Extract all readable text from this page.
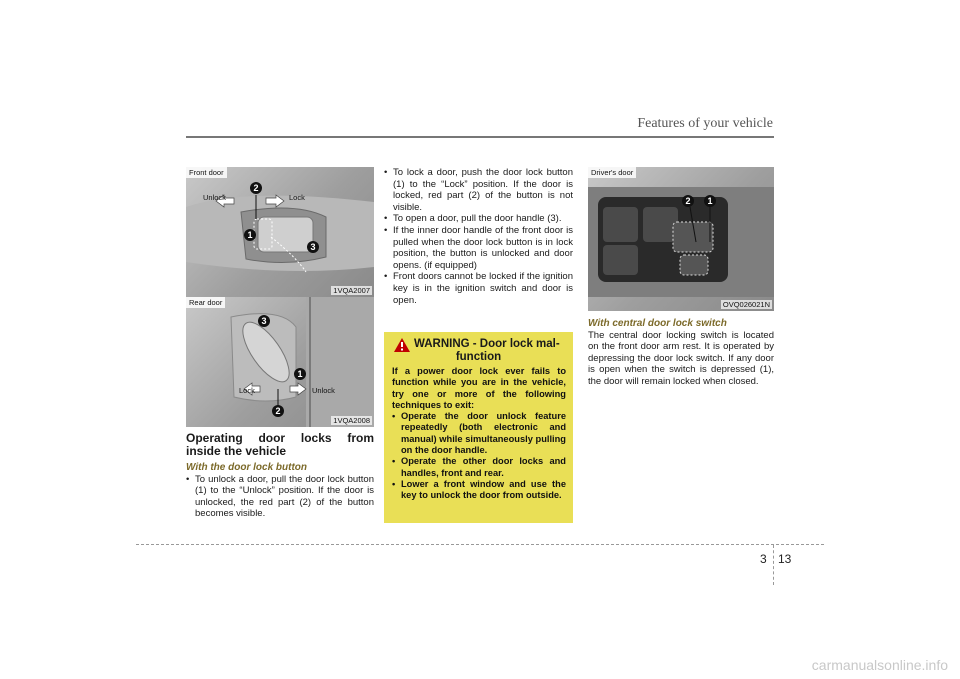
Features of your vehicle
Front door
Unlock	Lock
2
1
3
1VQA2007
Rear door
3
1
Lock	Unlock
2
1VQA2008
Operating door locks from inside the vehicle
With the door lock button
• To unlock a door, pull the door lock button (1) to the “Unlock” position. If the door is unlocked, the red part (2) of the button becomes visible.
• To lock a door, push the door lock button (1) to the “Lock” position. If the door is locked, red part (2) of the button is not visible.
• To open a door, pull the door handle (3).
• If the inner door handle of the front door is pulled when the door lock button is in lock position, the button is unlocked and door opens. (if equipped)
• Front doors cannot be locked if the ignition key is in the ignition switch and door is open.
WARNING - Door lock mal-
function
If a power door lock ever fails to function while you are in the vehicle, try one or more of the following techniques to exit:
• Operate the door unlock feature repeatedly (both electronic and manual) while simultaneously pulling on the door handle.
• Operate the other door locks and handles, front and rear.
• Lower a front window and use the key to unlock the door from outside.
Driver's door
2	1
OVQ026021N
With central door lock switch
The central door locking switch is located on the front door arm rest. It is operated by depressing the door lock switch. If any door is open when the switch is depressed (1), the door will remain locked when closed.
3 13
carmanualsonline.info
